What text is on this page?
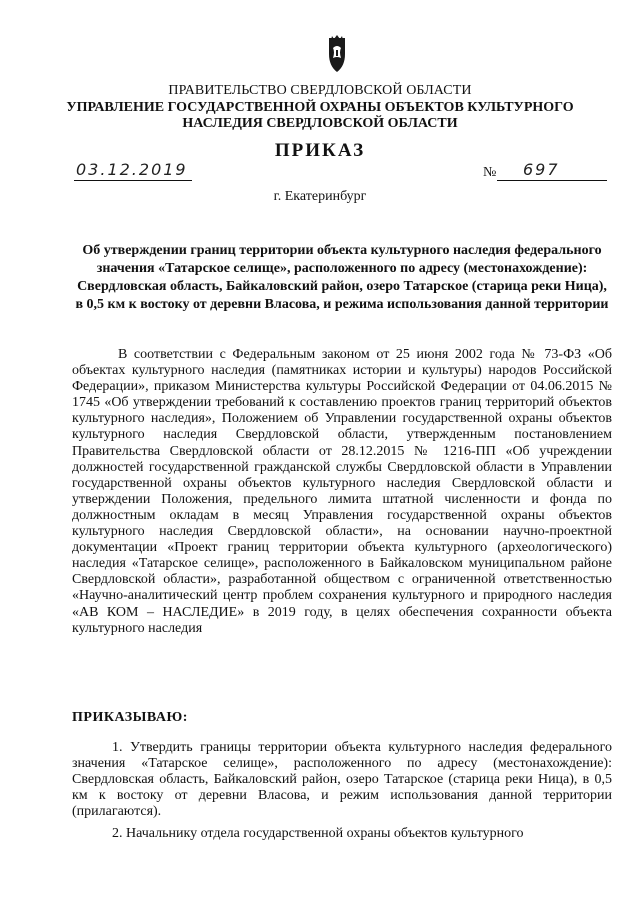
ПРАВИТЕЛЬСТВО СВЕРДЛОВСКОЙ ОБЛАСТИ
УПРАВЛЕНИЕ ГОСУДАРСТВЕННОЙ ОХРАНЫ ОБЪЕКТОВ КУЛЬТУРНОГО НАСЛЕДИЯ СВЕРДЛОВСКОЙ ОБЛАСТИ
ПРИКАЗ
03.12.2019	№ 697
г. Екатеринбург
Об утверждении границ территории объекта культурного наследия федерального значения «Татарское селище», расположенного по адресу (местонахождение): Свердловская область, Байкаловский район, озеро Татарское (старица реки Ница), в 0,5 км к востоку от деревни Власова, и режима использования данной территории
В соответствии с Федеральным законом от 25 июня 2002 года № 73-ФЗ «Об объектах культурного наследия (памятниках истории и культуры) народов Российской Федерации», приказом Министерства культуры Российской Федерации от 04.06.2015 № 1745 «Об утверждении требований к составлению проектов границ территорий объектов культурного наследия», Положением об Управлении государственной охраны объектов культурного наследия Свердловской области, утвержденным постановлением Правительства Свердловской области от 28.12.2015 № 1216-ПП «Об учреждении должностей государственной гражданской службы Свердловской области в Управлении государственной охраны объектов культурного наследия Свердловской области и утверждении Положения, предельного лимита штатной численности и фонда по должностным окладам в месяц Управления государственной охраны объектов культурного наследия Свердловской области», на основании научно-проектной документации «Проект границ территории объекта культурного (археологического) наследия «Татарское селище», расположенного в Байкаловском муниципальном районе Свердловской области», разработанной обществом с ограниченной ответственностью «Научно-аналитический центр проблем сохранения культурного и природного наследия «АВ КОМ – НАСЛЕДИЕ» в 2019 году, в целях обеспечения сохранности объекта культурного наследия
ПРИКАЗЫВАЮ:
1. Утвердить границы территории объекта культурного наследия федерального значения «Татарское селище», расположенного по адресу (местонахождение): Свердловская область, Байкаловский район, озеро Татарское (старица реки Ница), в 0,5 км к востоку от деревни Власова, и режим использования данной территории (прилагаются).
2. Начальнику отдела государственной охраны объектов культурного
